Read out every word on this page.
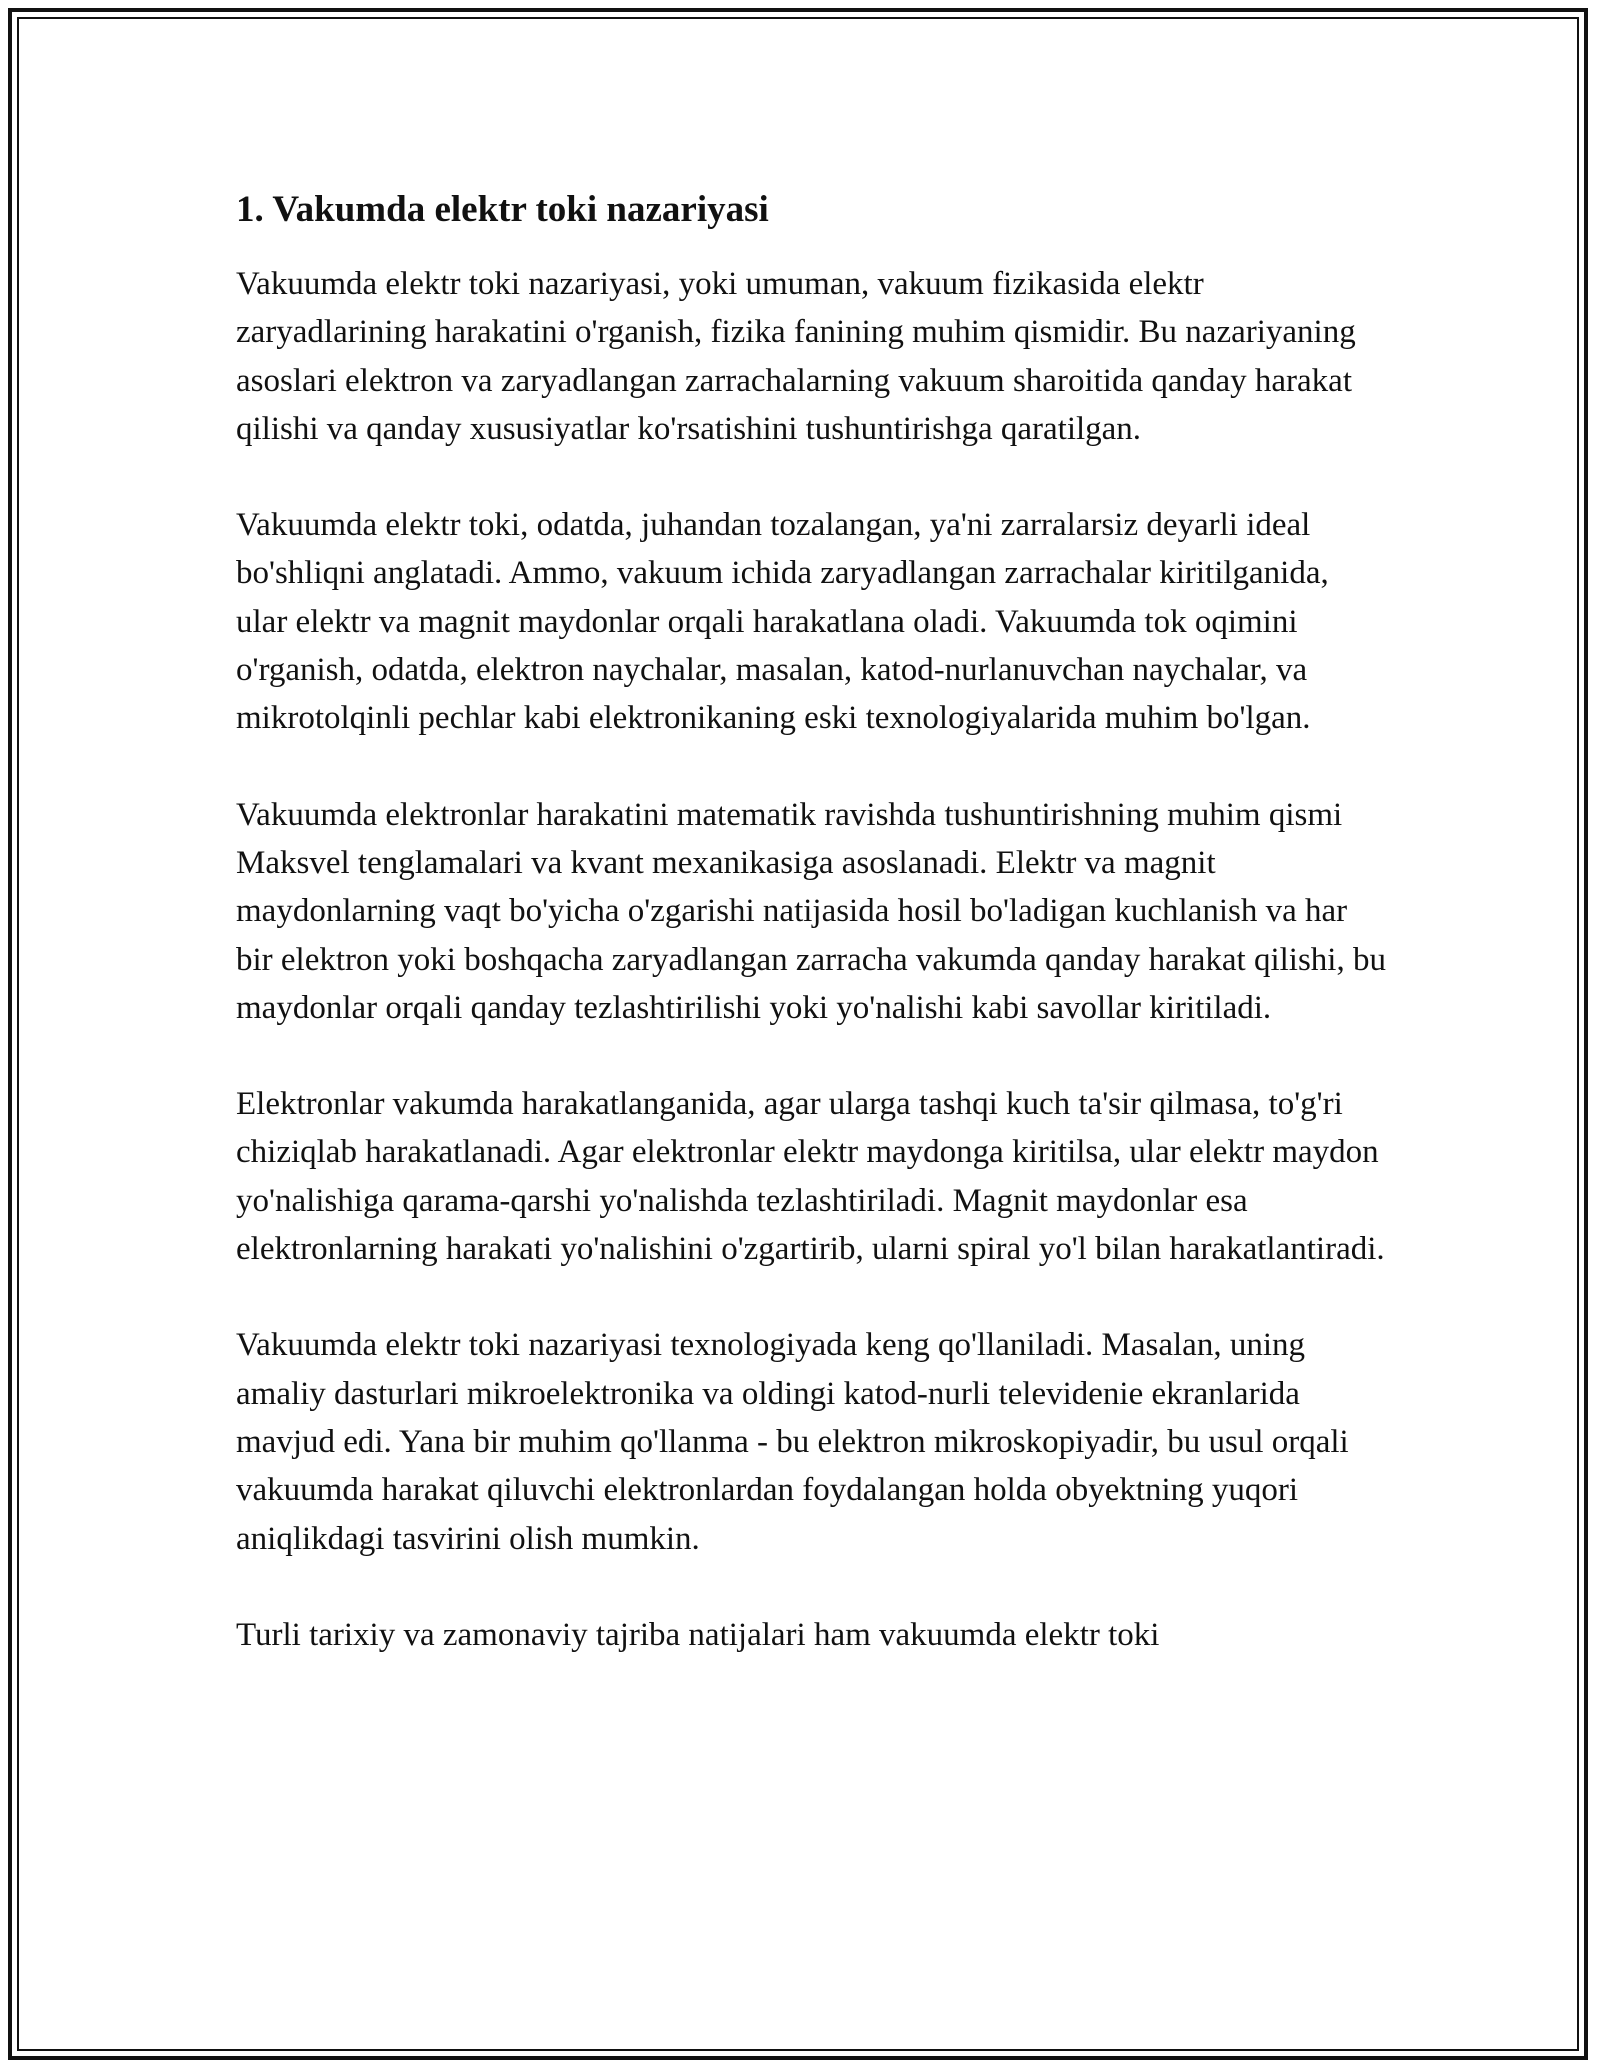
1. Vakumda elektr toki nazariyasi

Vakuumda elektr toki nazariyasi, yoki umuman, vakuum fizikasida elektr zaryadlarining harakatini o'rganish, fizika fanining muhim qismidir. Bu nazariyaning asoslari elektron va zaryadlangan zarrachalarning vakuum sharoitida qanday harakat qilishi va qanday xususiyatlar ko'rsatishini tushuntirishga qaratilgan.

Vakuumda elektr toki, odatda, juhandan tozalangan, ya'ni zarralarsiz deyarli ideal bo'shliqni anglatadi. Ammo, vakuum ichida zaryadlangan zarrachalar kiritilganida, ular elektr va magnit maydonlar orqali harakatlana oladi. Vakuumda tok oqimini o'rganish, odatda, elektron naychalar, masalan, katod-nurlanuvchan naychalar, va mikrotolqinli pechlar kabi elektronikaning eski texnologiyalarida muhim bo'lgan.

Vakuumda elektronlar harakatini matematik ravishda tushuntirishning muhim qismi Maksvel tenglamalari va kvant mexanikasiga asoslanadi. Elektr va magnit maydonlarning vaqt bo'yicha o'zgarishi natijasida hosil bo'ladigan kuchlanish va har bir elektron yoki boshqacha zaryadlangan zarracha vakumda qanday harakat qilishi, bu maydonlar orqali qanday tezlashtirilishi yoki yo'nalishi kabi savollar kiritiladi.

Elektronlar vakumda harakatlanganida, agar ularga tashqi kuch ta'sir qilmasa, to'g'ri chiziqlab harakatlanadi. Agar elektronlar elektr maydonga kiritilsa, ular elektr maydon yo'nalishiga qarama-qarshi yo'nalishda tezlashtiriladi. Magnit maydonlar esa elektronlarning harakati yo'nalishini o'zgartirib, ularni spiral yo'l bilan harakatlantiradi.

Vakuumda elektr toki nazariyasi texnologiyada keng qo'llaniladi. Masalan, uning amaliy dasturlari mikroelektronika va oldingi katod-nurli televidenie ekranlarida mavjud edi. Yana bir muhim qo'llanma - bu elektron mikroskopiyadir, bu usul orqali vakuumda harakat qiluvchi elektronlardan foydalangan holda obyektning yuqori aniqlikdagi tasvirini olish mumkin.

Turli tarixiy va zamonaviy tajriba natijalari ham vakuumda elektr toki
